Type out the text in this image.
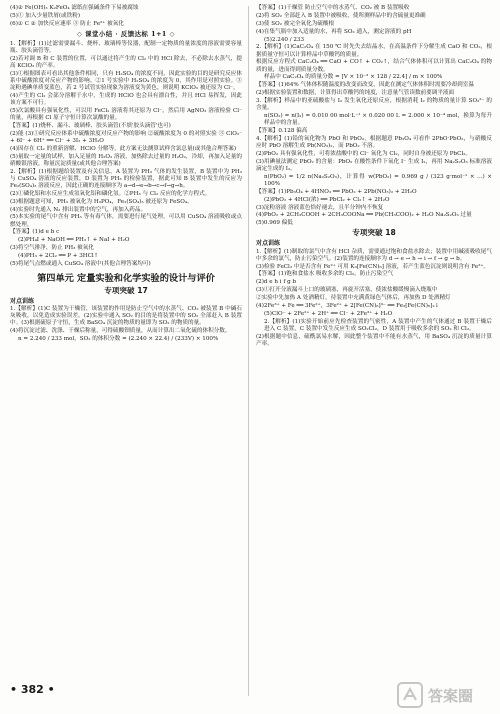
(4)② Fe(OH)₃ K₂FeO₄ 滤纸在强碱条件下易被腐蚀

(5)① 加入少量铁屑(或铁粉)

(6)① C ② 加快反应速率 ③ 防止 Fe²⁺ 被氧化

◇ 课堂小结 · 反馈达标 1+1 ◇

1.【解析】(1)过滤需要漏斗、烧杯、玻璃棒等仪器，配制一定物质的量浓度的溶液需要容量瓶、胶头滴管等。

(2)若对调 B 和 C 装置的位置，可以通过将产生的 Cl₂ 中的 HCl 除去，不必除去水蒸气，提高 KClO₃ 的产率。

(3)①根据图表可看出其他条件相同，只有 H₂SO₄ 的浓度不同，因此实验的目的是研究反应体系中硫酸浓度对反应产物的影响。②1 号实验中 H₂SO₄ 的浓度为 0，其作用是对照实验。③淀粉遇碘单质变蓝色，若 2 号试管实验现象为溶液变为黄色，则说明 KClO₃ 被还原为 Cl⁻。

(4)产生的 Cl₂ 会部分溶解于水中，生成的 HClO 也会具有漂白性，并且 HCl 易挥发，因此该方案不可行。

(5)次氯酸具有强氧化性，可以用 FeCl₂ 溶液将其还原为 Cl⁻，然后用 AgNO₃ 溶液检验 Cl⁻ 的量，再根据 Cl 原子守恒计算次氯酸的量。

【答案】(1)烧杯、漏斗、玻璃棒、胶头滴管(不填'胶头滴管'也可)

(2)能 (3)①研究反应体系中硫酸浓度对反应产物的影响 ②硫酸浓度为 0 的对照实验 ③ ClO₃⁻ + 6I⁻ + 6H⁺ ══ Cl⁻ + 3I₂ + 3H₂O

(4)因存在 Cl₂ 的重新溶解、HClO 分解等，此方案无法测算试样含氯总量(或其他合理答案)

(5)量取一定量的试样，加入足量的 H₂O₂ 溶液，加热除去过量的 H₂O₂，冷却，再加入足量的硝酸银溶液，称量沉淀质量(或其他合理答案)

2.【解析】(1)根据题给装置及有关信息，A 装置为 PH₃ 气体的发生装置，B 装置中为 PH₃ 与 CuSO₄ 溶液的反应装置，D 装置为 PH₃ 的检验装置，据此可知 B 装置中发生的反应为 Fe₂(SO₄)₃ 溶液反应，因此正确的连接顺序为 a→d→e→b→c→f→g→h。

(2)①磷化铝和水反应生成氢氧化铝和磷化氢。②PH₃ 与 Cl₂ 反应的化学方程式。

(3)根据题意可知，PH₃ 被氧化为 H₃PO₄，Fe₂(SO₄)₃ 被还原为 FeSO₄。

(4)实验时先通入 N₂ 排出装置中的空气，再加入药品。

(5)本实验的尾气中含有 PH₃ 等有毒气体，需要进行尾气处理，可以用 CuSO₄ 溶液吸收或点燃处理。

【答案】(1)d e b c

(2)PH₄I + NaOH ══ PH₃↑ + NaI + H₂O

(3)将空气排净，防止 PH₃ 被氧化

(4)PH₃ + 2Cl₂ ══ P + 3HCl↑

(5)将尾气点燃或通入 CuSO₄ 溶液中(其他合理答案均可)

第四单元 定量实验和化学实验的设计与评价
专项突破 17
对点训练

1.【解析】(1)C 装置为干燥管，该装置的作用是防止空气中的水蒸气、CO₂ 被装置 B 中碱石灰吸收，以免造成实验误差。(2)实验中通入 SO₂ 的目的是将装置中的 SO₂ 全部赶入 B 装置中。(3)根据硫原子守恒，生成 BaSO₄ 沉淀的物质的量即为 SO₂ 的物质的量。

(4)将沉淀过滤、洗涤、干燥后称量，可得硫酸钡质量，从而计算出二氧化硫的体积分数。

n = 2.240 / 233 mol，SO₂ 的体积分数 = (2.240 × 22.4) / (233V) × 100%

【答案】(1)干燥管 防止空气中的水蒸气、CO₂ 被 B 装置吸收

(2)将 SO₂ 全部赶入 B 装置中被吸收，使所测样品中的含硫量更准确

(3)使 SO₂ 被完全氧化为硫酸根

(4)在集气瓶中加入适量的水，再将 SO₂ 通入，测定溶液的 pH

(5)2.240 / 233

2.【解析】(1)CaC₂O₄ 在 150 ℃ 时先失去结晶水，在高温条件下分解生成 CaO 和 CO₂，根据质量守恒可以计算样品中草酸钙的质量。

根据反应方程式 CaC₂O₄ ══ CaO + CO↑ + CO₂↑，结合气体体积可以计算出 CaC₂O₄ 的物质的量，进而得到质量分数。

样品中 CaC₂O₄ 的质量分数 = [V × 10⁻³ × 128 / 22.4] / m × 100%

【答案】(1)64% 气体体积随温度的改变而改变，因此在测定气体体积时需要冷却到室温

(2)根据实验装置和数据，计算得出草酸钙的纯度，注意量气管读数前要调平液面

3.【解析】样品中的亚硫酸盐与 I₂ 发生氧化还原反应，根据消耗 I₂ 的物质的量计算 SO₃²⁻ 的含量。

n(SO₂) = n(I₂) = 0.010 00 mol·L⁻¹ × 0.020 00 L = 2.000 × 10⁻⁴ mol，换算为每升样品中的含量。

【答案】0.128 偏高

4.【解析】(1)铅的氧化物为 PbO 和 PbO₂，根据题意 Pb₃O₄ 可看作 2PbO·PbO₂，与硝酸反应时 PbO 溶解生成 Pb(NO₃)₂，而 PbO₂ 不溶。

(2)PbO₂ 具有强氧化性，可将浓盐酸中的 Cl⁻ 氧化为 Cl₂，同时自身被还原为 PbCl₂。

(3)用碘量法测定 PbO₂ 的含量：PbO₂ 在酸性条件下氧化 I⁻ 生成 I₂，再用 Na₂S₂O₃ 标准溶液滴定生成的 I₂。

n(PbO₂) = 1/2 n(Na₂S₂O₃)，计算得 w(PbO₂) = 0.969 g / (323 g·mol⁻¹ × ...) × 100%

【答案】(1)Pb₃O₄ + 4HNO₃ ══ PbO₂ + 2Pb(NO₃)₂ + 2H₂O

(2)PbO₂ + 4HCl(浓) ══ PbCl₂ + Cl₂↑ + 2H₂O

(3)淀粉溶液 溶液蓝色恰好褪去，且半分钟内不恢复

(4)PbO₂ + 2CH₃COOH + 2CH₃COONa ══ Pb(CH₃COO)₂ + H₂O Na₂S₂O₃ 过量

(5)0.969 偏低

专项突破 18
对点训练

1.【解析】(1)制取的氯气中含有 HCl 杂质，需要通过饱和食盐水除去；装置中用碱液吸收尾气中多余的氯气，防止污染空气。(2)装置的连接顺序为 d → e → h → i → f → g → b。

(3)检验 FeCl₃ 中是否含有 Fe²⁺ 可用 K₃[Fe(CN)₆] 溶液，若产生蓝色沉淀则说明含有 Fe²⁺。

【答案】(1)饱和食盐水 吸收多余的 Cl₂，防止污染空气

(2)d e h i f g b

(3)①打开分液漏斗上口的玻璃塞，再旋开活塞，使浓盐酸缓慢滴入烧瓶中

②实验中先加热 A 处酒精灯，待装置中充满黄绿色气体后，再加热 D 处酒精灯

(4)2Fe³⁺ + Fe ══ 3Fe²⁺，3Fe²⁺ + 2[Fe(CN)₆]³⁻ ══ Fe₃[Fe(CN)₆]₂↓

(5)ClO⁻ + 2Fe²⁺ + 2H⁺ ══ Cl⁻ + 2Fe³⁺ + H₂O

2.【解析】(1)实验开始前应先检查装置的气密性，A 装置中产生的气体通过 B 装置干燥后进入 C 装置，C 装置中发生反应生成 SO₂Cl₂，D 装置用于吸收多余的 SO₂ 和 Cl₂。

(2)根据题中信息，硫酰氯易水解，因此整个装置中不能有水蒸气，用 BaSO₄ 沉淀的质量计算产率。

• 382 •	答案圈
